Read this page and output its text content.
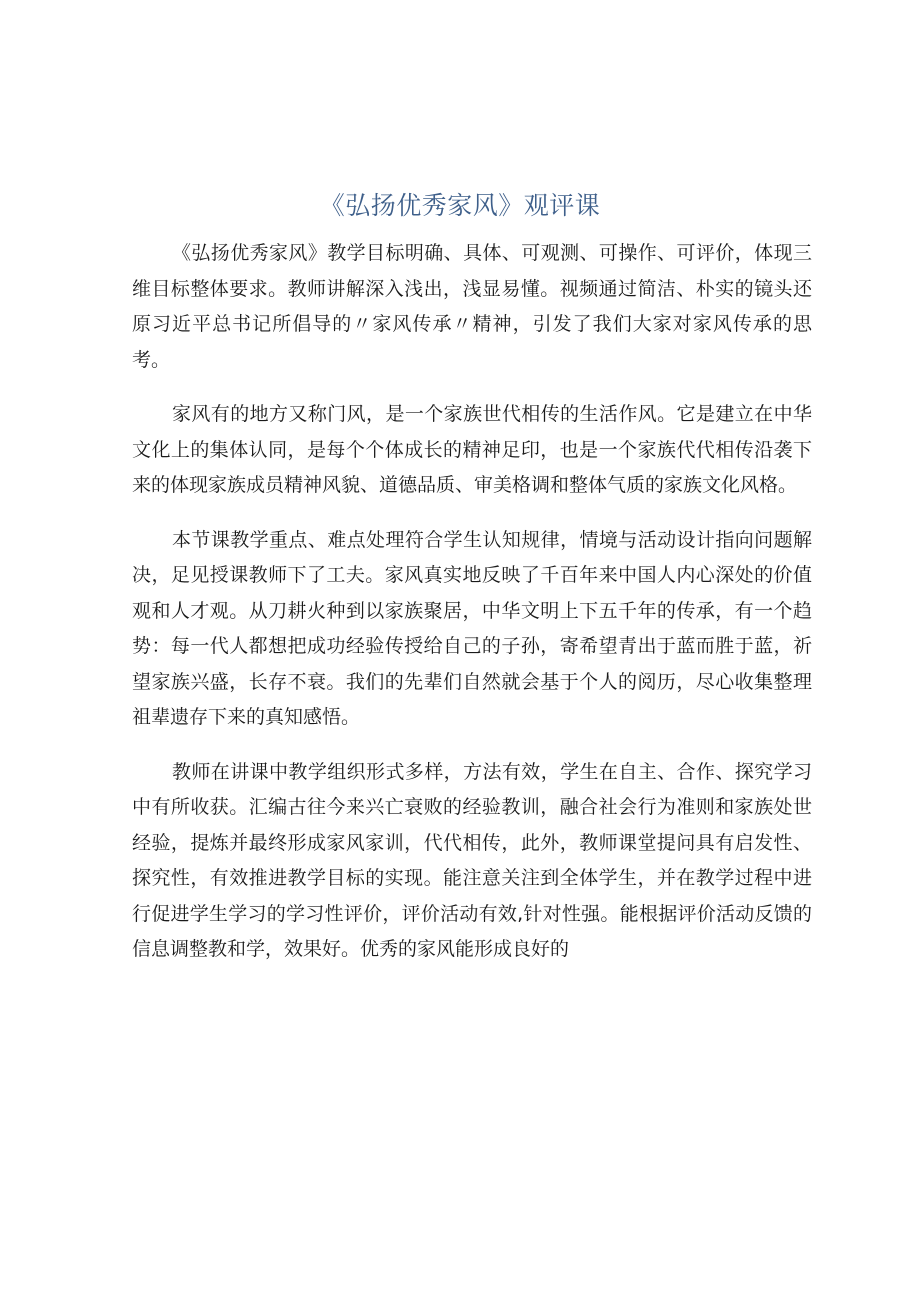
《弘扬优秀家风》观评课

《弘扬优秀家风》教学目标明确、具体、可观测、可操作、可评价，体现三维目标整体要求。教师讲解深入浅出，浅显易懂。视频通过简洁、朴实的镜头还原习近平总书记所倡导的〃家风传承〃精神，引发了我们大家对家风传承的思考。

家风有的地方又称门风，是一个家族世代相传的生活作风。它是建立在中华文化上的集体认同，是每个个体成长的精神足印，也是一个家族代代相传沿袭下来的体现家族成员精神风貌、道德品质、审美格调和整体气质的家族文化风格。

本节课教学重点、难点处理符合学生认知规律，情境与活动设计指向问题解决，足见授课教师下了工夫。家风真实地反映了千百年来中国人内心深处的价值观和人才观。从刀耕火种到以家族聚居，中华文明上下五千年的传承，有一个趋势：每一代人都想把成功经验传授给自己的子孙，寄希望青出于蓝而胜于蓝，祈望家族兴盛，长存不衰。我们的先辈们自然就会基于个人的阅历，尽心收集整理祖辈遗存下来的真知感悟。

教师在讲课中教学组织形式多样，方法有效，学生在自主、合作、探究学习中有所收获。汇编古往今来兴亡衰败的经验教训，融合社会行为准则和家族处世经验，提炼并最终形成家风家训，代代相传，此外，教师课堂提问具有启发性、探究性，有效推进教学目标的实现。能注意关注到全体学生，并在教学过程中进行促进学生学习的学习性评价，评价活动有效,针对性强。能根据评价活动反馈的信息调整教和学，效果好。优秀的家风能形成良好的
